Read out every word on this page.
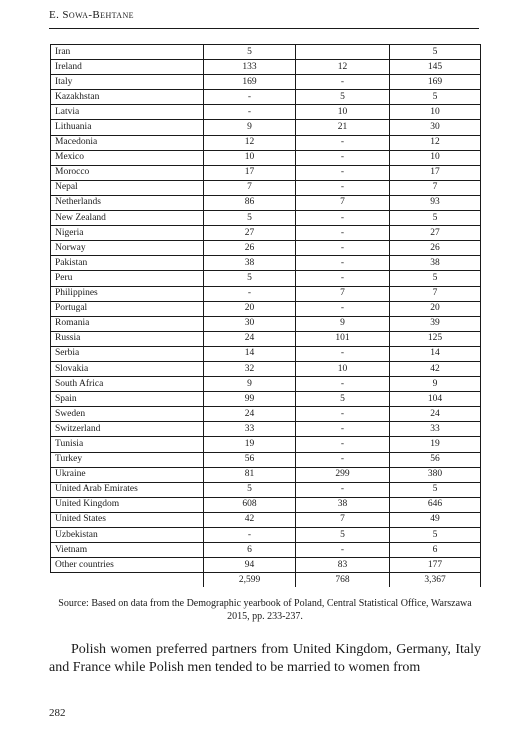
E. Sowa-Behtane
Iran	5		5
Ireland	133	12	145
Italy	169	-	169
Kazakhstan	-	5	5
Latvia	-	10	10
Lithuania	9	21	30
Macedonia	12	-	12
Mexico	10	-	10
Morocco	17	-	17
Nepal	7	-	7
Netherlands	86	7	93
New Zealand	5	-	5
Nigeria	27	-	27
Norway	26	-	26
Pakistan	38	-	38
Peru	5	-	5
Philippines	-	7	7
Portugal	20	-	20
Romania	30	9	39
Russia	24	101	125
Serbia	14	-	14
Slovakia	32	10	42
South Africa	9	-	9
Spain	99	5	104
Sweden	24	-	24
Switzerland	33	-	33
Tunisia	19	-	19
Turkey	56	-	56
Ukraine	81	299	380
United Arab Emirates	5	-	5
United Kingdom	608	38	646
United States	42	7	49
Uzbekistan	-	5	5
Vietnam	6	-	6
Other countries	94	83	177
	2,599	768	3,367
Source: Based on data from the Demographic yearbook of Poland, Central Statistical Office, Warszawa 2015, pp. 233-237.
Polish women preferred partners from United Kingdom, Germany, Italy and France while Polish men tended to be married to women from
282
